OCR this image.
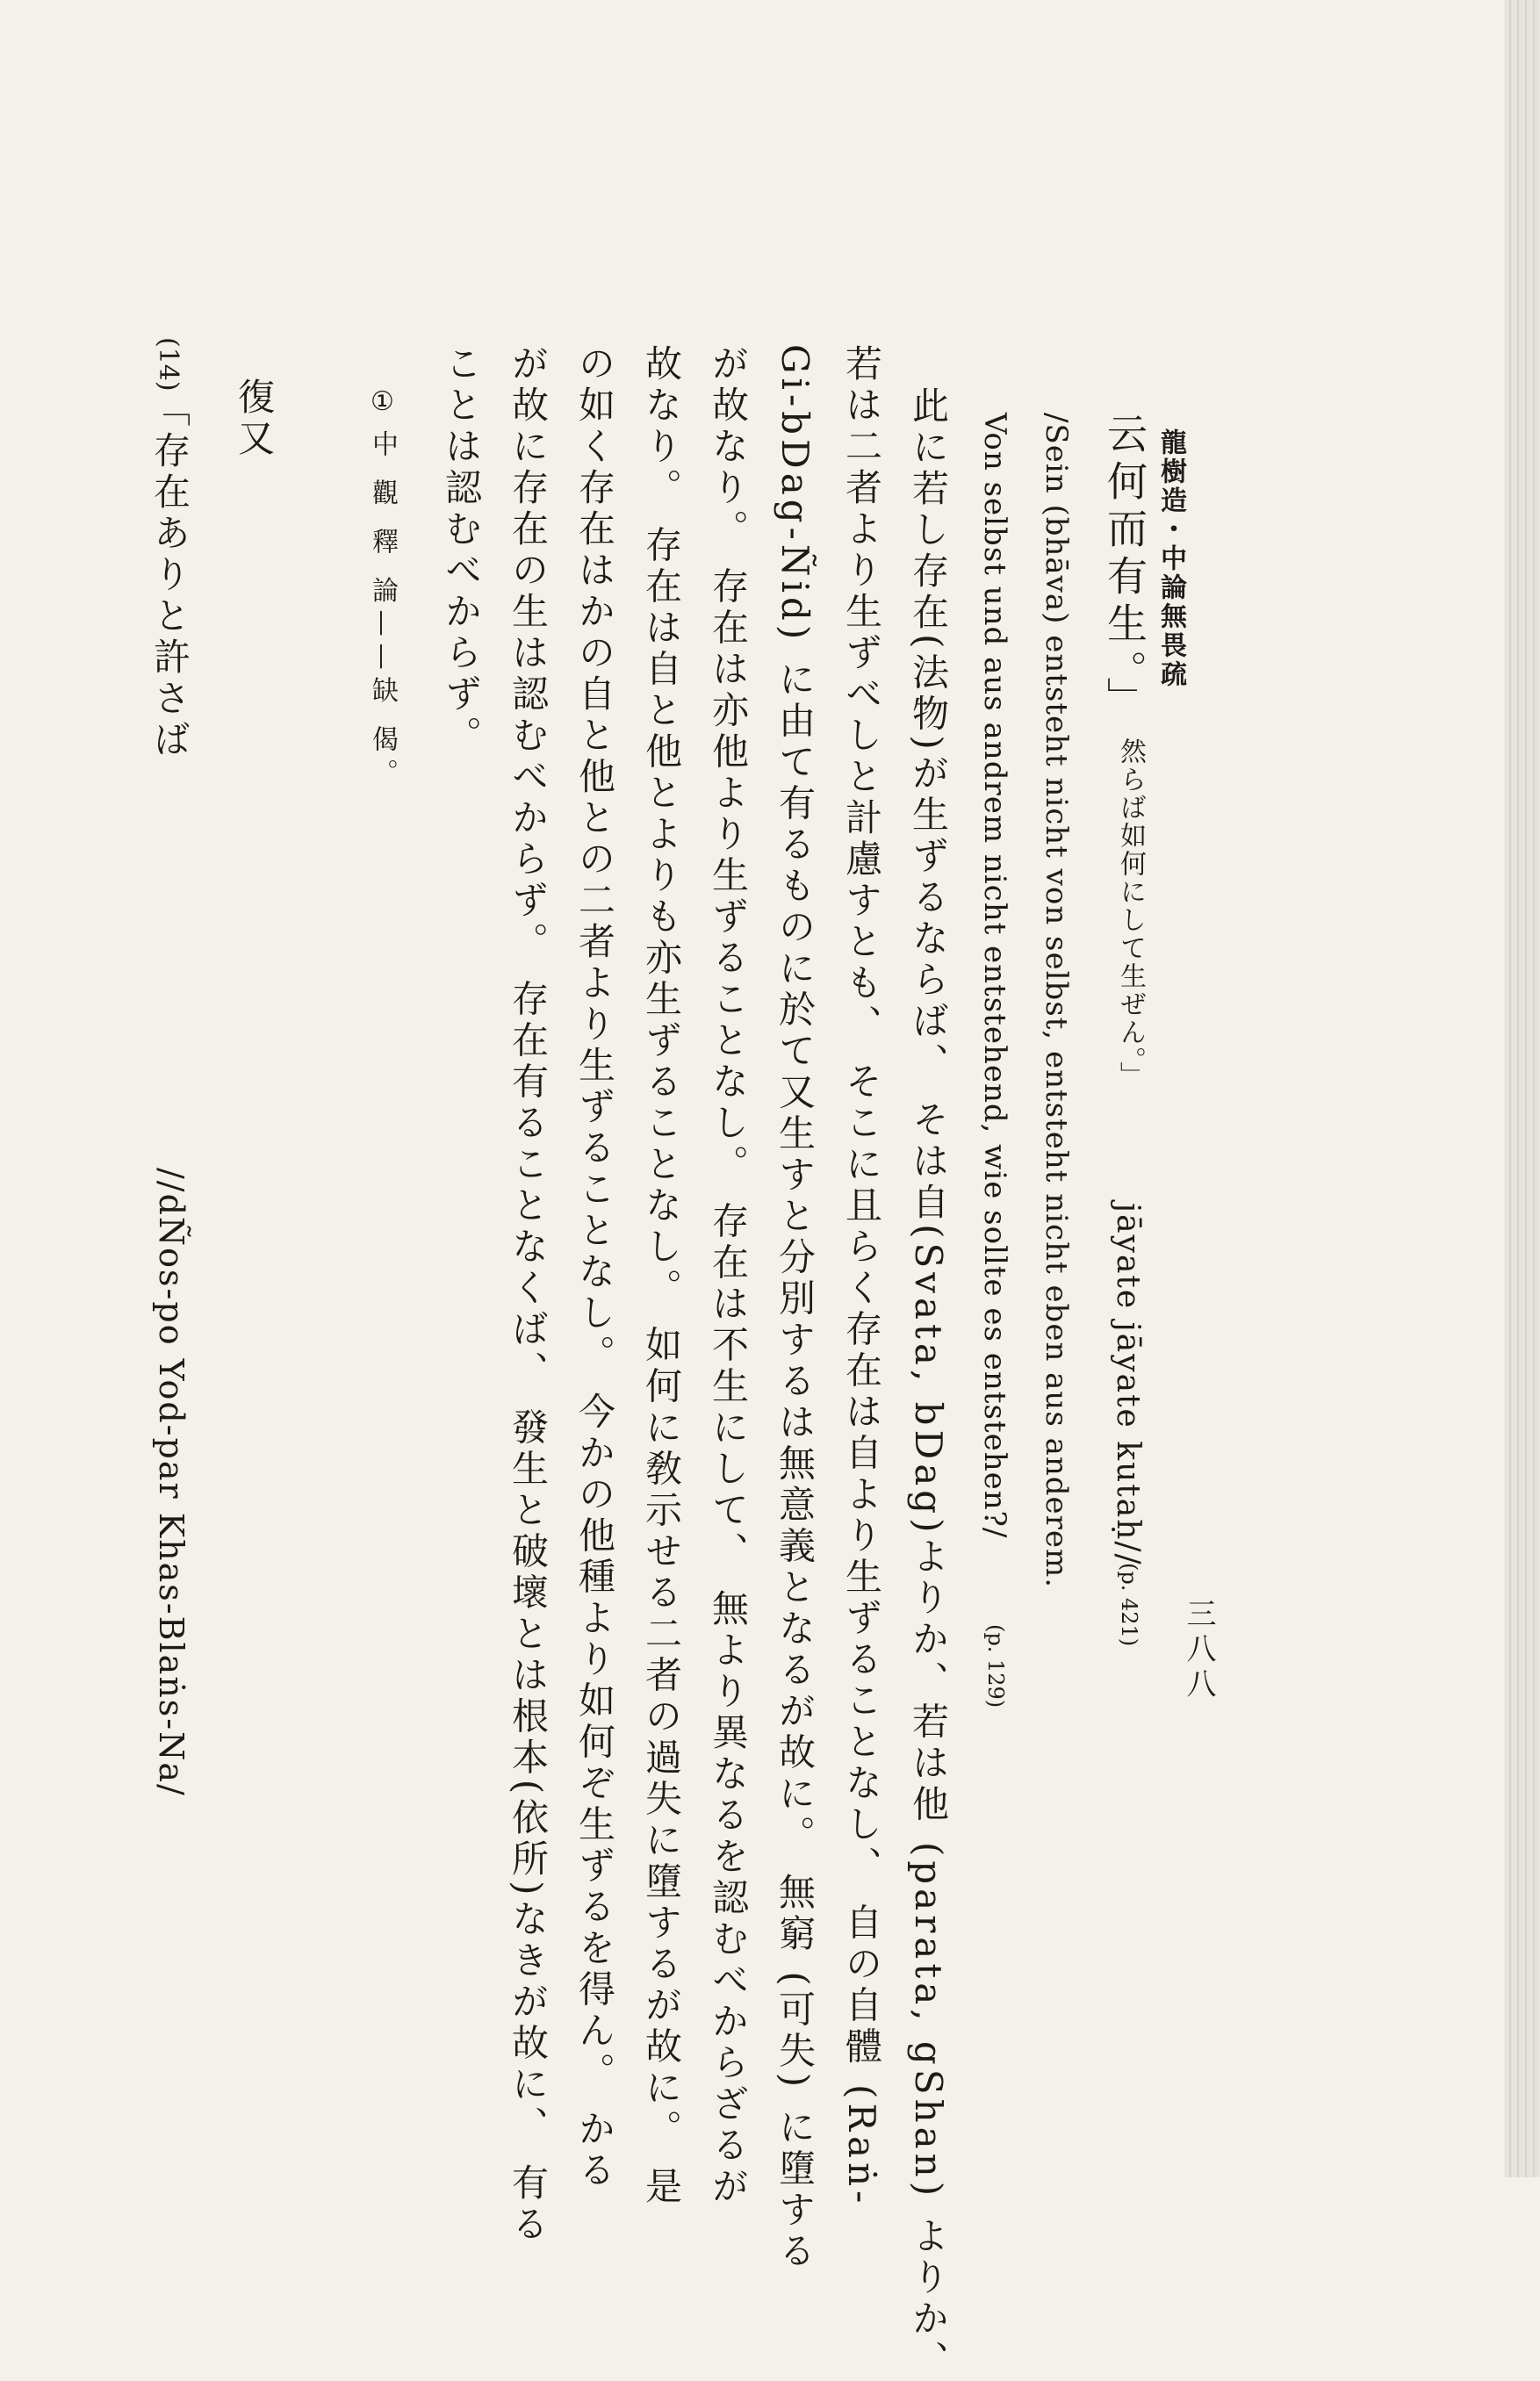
龍樹造・中論無畏疏
三八八
云何而有生。」
然らば如何にして生ぜん。」
jāyate jāyate kutaḥ//
(p. 421)
/Sein (bhāva) entsteht nicht von selbst, entsteht nicht eben aus anderem.
Von selbst und aus andrem nicht entstehend, wie sollte es entstehen?/
(p. 129)
此に若し存在(法物)が生ずるならば、 そは自(Svata, bDag)よりか、若は他 (parata, gShan) よりか、
若は二者より生ずべしと計慮すとも、 そこに且らく存在は自より生ずることなし、 自の自體 (Raṅ-
Gi-bDag-Ñid) に由て有るものに於て又生すと分別するは無意義となるが故に。 無窮 (可失) に墮する
が故なり。 存在は亦他より生ずることなし。 存在は不生にして、 無より異なるを認むべからざるが
故なり。 存在は自と他とよりも亦生ずることなし。 如何に敎示せる二者の過失に墮するが故に。 是
の如く存在はかの自と他との二者より生ずることなし。 今かの他種より如何ぞ生ずるを得ん。 かる
が故に存在の生は認むべからず。 存在有ることなくば、 發生と破壞とは根本(依所)なきが故に、 有る
ことは認むべからず。
①
中 觀 釋 論——缺 偈。
復又
(14)
「存在ありと許さば
//dÑos-po Yod-par Khas-Blaṅs-Na/
